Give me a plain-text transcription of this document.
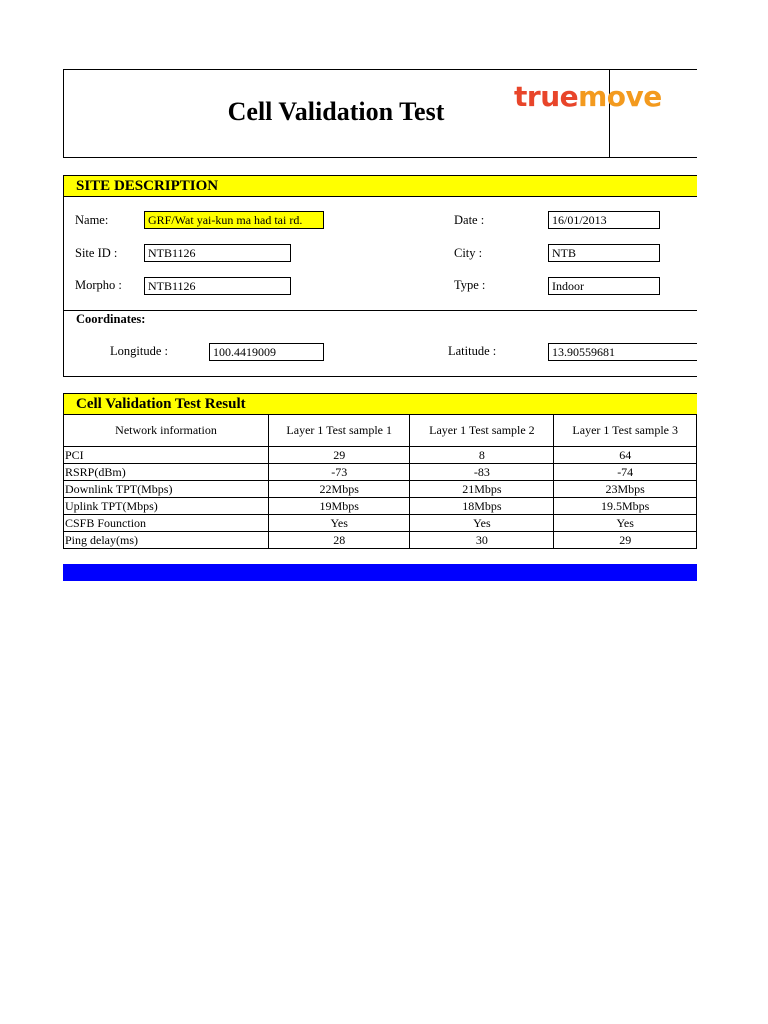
Cell Validation Test	truemove
SITE DESCRIPTION
Name:	GRF/Wat yai-kun ma had tai rd.	Date :	16/01/2013
Site ID :	NTB1126	City :	NTB
Morpho :	NTB1126	Type :	Indoor
Coordinates:
Longitude :	100.4419009	Latitude :	13.90559681
Cell Validation Test Result
Network information	Layer 1 Test sample 1	Layer 1 Test sample 2	Layer 1 Test sample 3
PCI	29	8	64
RSRP(dBm)	-73	-83	-74
Downlink TPT(Mbps)	22Mbps	21Mbps	23Mbps
Uplink TPT(Mbps)	19Mbps	18Mbps	19.5Mbps
CSFB Founction	Yes	Yes	Yes
Ping delay(ms)	28	30	29
